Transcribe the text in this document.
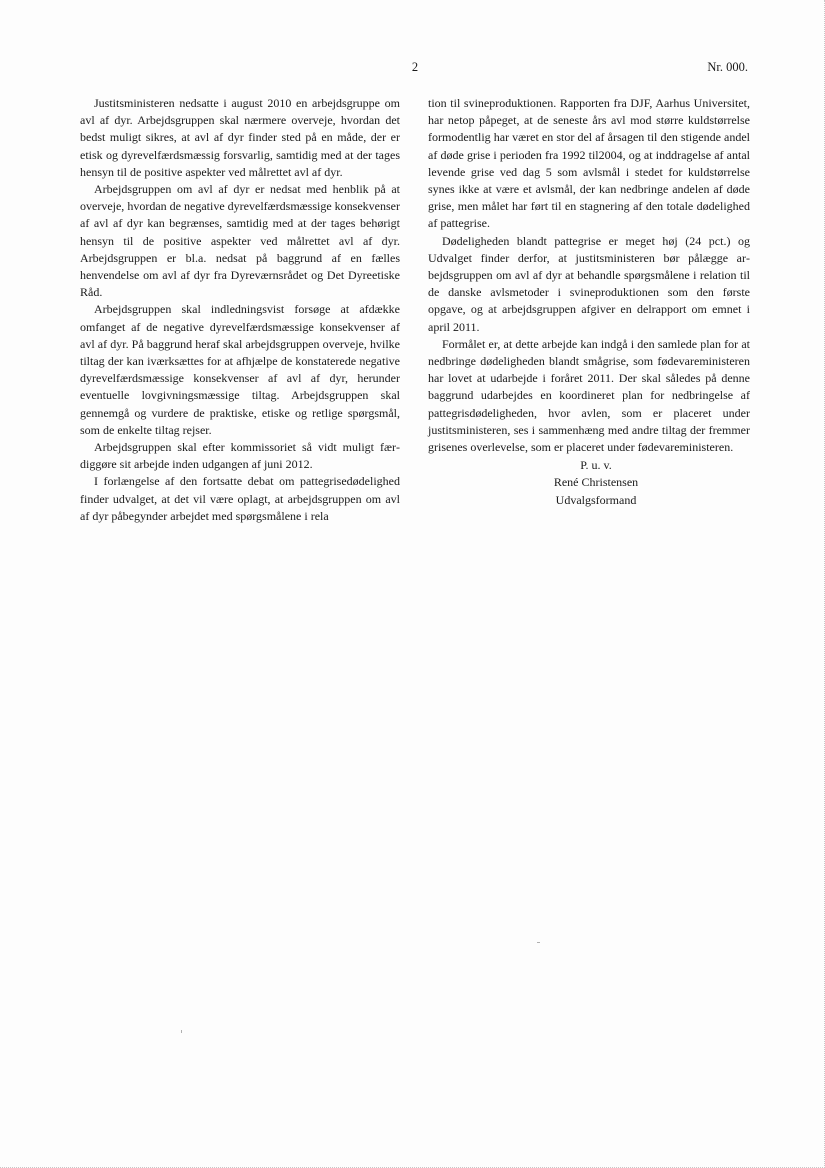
2	Nr. 000.

Justitsministeren nedsatte i august 2010 en arbejdsgruppe om avl af dyr. Arbejdsgruppen skal nærmere overveje, hvordan det bedst muligt sikres, at avl af dyr finder sted på en måde, der er etisk og dyrevelfærdsmæssig forsvarlig, samtidig med at der tages hensyn til de positive aspekter ved målrettet avl af dyr.

Arbejdsgruppen om avl af dyr er nedsat med henblik på at overveje, hvordan de negative dyrevelfærdsmæssige konsekvenser af avl af dyr kan begrænses, samtidig med at der tages behørigt hensyn til de positive aspekter ved målrettet avl af dyr. Arbejdsgruppen er bl.a. nedsat på baggrund af en fælles henvendelse om avl af dyr fra Dyreværnsrådet og Det Dyreetiske Råd.

Arbejdsgruppen skal indledningsvist forsøge at afdække omfanget af de negative dyrevelfærdsmæssige konsekvenser af avl af dyr. På baggrund heraf skal arbejdsgruppen overveje, hvilke tiltag der kan iværksættes for at afhjælpe de konstaterede negative dyrevelfærdsmæssige konsekvenser af avl af dyr, herunder eventuelle lovgivningsmæssige tiltag. Arbejdsgruppen skal gennemgå og vurdere de praktiske, etiske og retlige spørgsmål, som de enkelte tiltag rejser.

Arbejdsgruppen skal efter kommissoriet så vidt muligt færdiggøre sit arbejde inden udgangen af juni 2012.

I forlængelse af den fortsatte debat om pattegrisedødelighed finder udvalget, at det vil være oplagt, at arbejdsgruppen om avl af dyr påbegynder arbejdet med spørgsmålene i rela

tion til svineproduktionen. Rapporten fra DJF, Aarhus Universitet, har netop påpeget, at de seneste års avl mod større kuldstørrelse formodentlig har været en stor del af årsagen til den stigende andel af døde grise i perioden fra 1992 til2004, og at inddragelse af antal levende grise ved dag 5 som avlsmål i stedet for kuldstørrelse synes ikke at være et avlsmål, der kan nedbringe andelen af døde grise, men målet har ført til en stagnering af den totale dødelighed af pattegrise.

Dødeligheden blandt pattegrise er meget høj (24 pct.) og Udvalget finder derfor, at justitsministeren bør pålægge arbejdsgruppen om avl af dyr at behandle spørgsmålene i relation til de danske avlsmetoder i svineproduktionen som den første opgave, og at arbejdsgruppen afgiver en delrapport om emnet i april 2011.

Formålet er, at dette arbejde kan indgå i den samlede plan for at nedbringe dødeligheden blandt smågrise, som fødevareministeren har lovet at udarbejde i foråret 2011. Der skal således på denne baggrund udarbejdes en koordineret plan for nedbringelse af pattegrisdødeligheden, hvor avlen, som er placeret under justitsministeren, ses i sammenhæng med andre tiltag der fremmer grisenes overlevelse, som er placeret under fødevareministeren.

P. u. v.
René Christensen
Udvalgsformand
